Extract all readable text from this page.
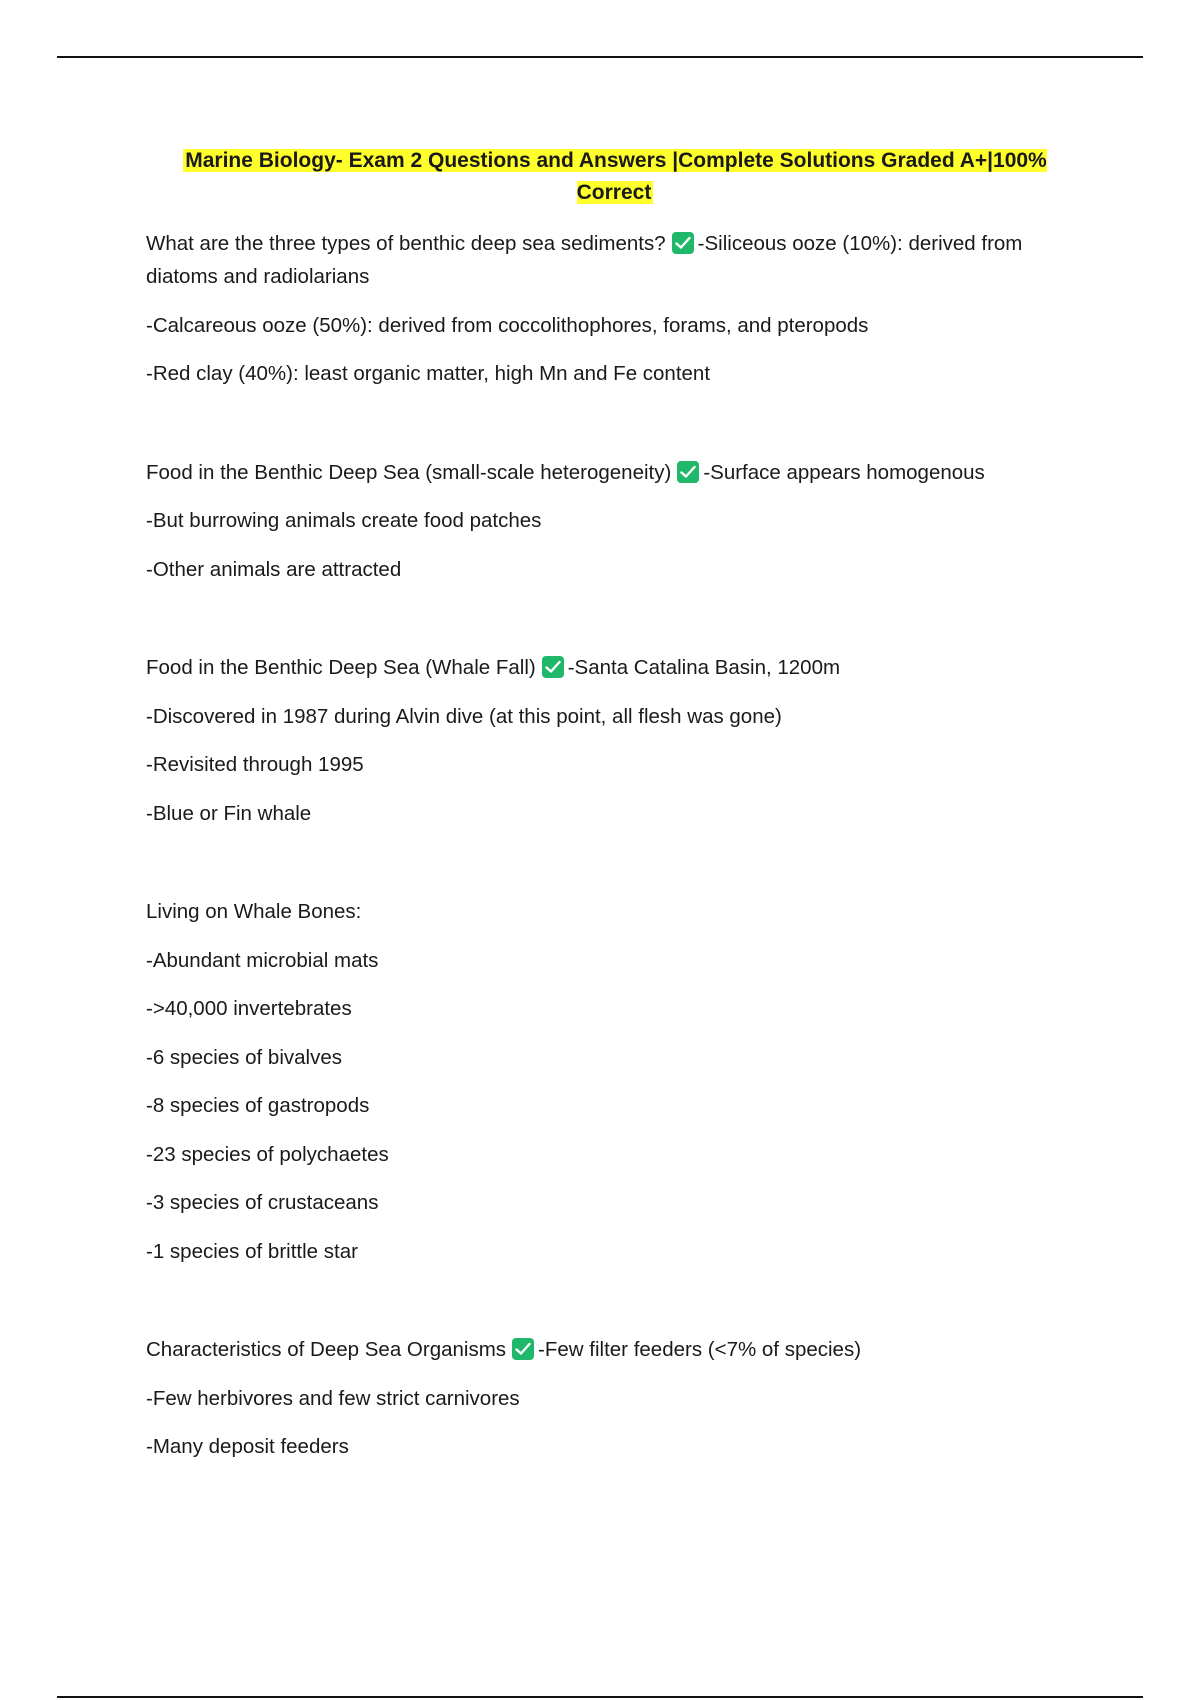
Marine Biology- Exam 2 Questions and Answers |Complete Solutions Graded A+|100% Correct

What are the three types of benthic deep sea sediments? -Siliceous ooze (10%): derived from diatoms and radiolarians

-Calcareous ooze (50%): derived from coccolithophores, forams, and pteropods

-Red clay (40%): least organic matter, high Mn and Fe content

Food in the Benthic Deep Sea (small-scale heterogeneity) -Surface appears homogenous

-But burrowing animals create food patches

-Other animals are attracted

Food in the Benthic Deep Sea (Whale Fall) -Santa Catalina Basin, 1200m

-Discovered in 1987 during Alvin dive (at this point, all flesh was gone)

-Revisited through 1995

-Blue or Fin whale

Living on Whale Bones:

-Abundant microbial mats

->40,000 invertebrates

-6 species of bivalves

-8 species of gastropods

-23 species of polychaetes

-3 species of crustaceans

-1 species of brittle star

Characteristics of Deep Sea Organisms -Few filter feeders (<7% of species)

-Few herbivores and few strict carnivores

-Many deposit feeders
